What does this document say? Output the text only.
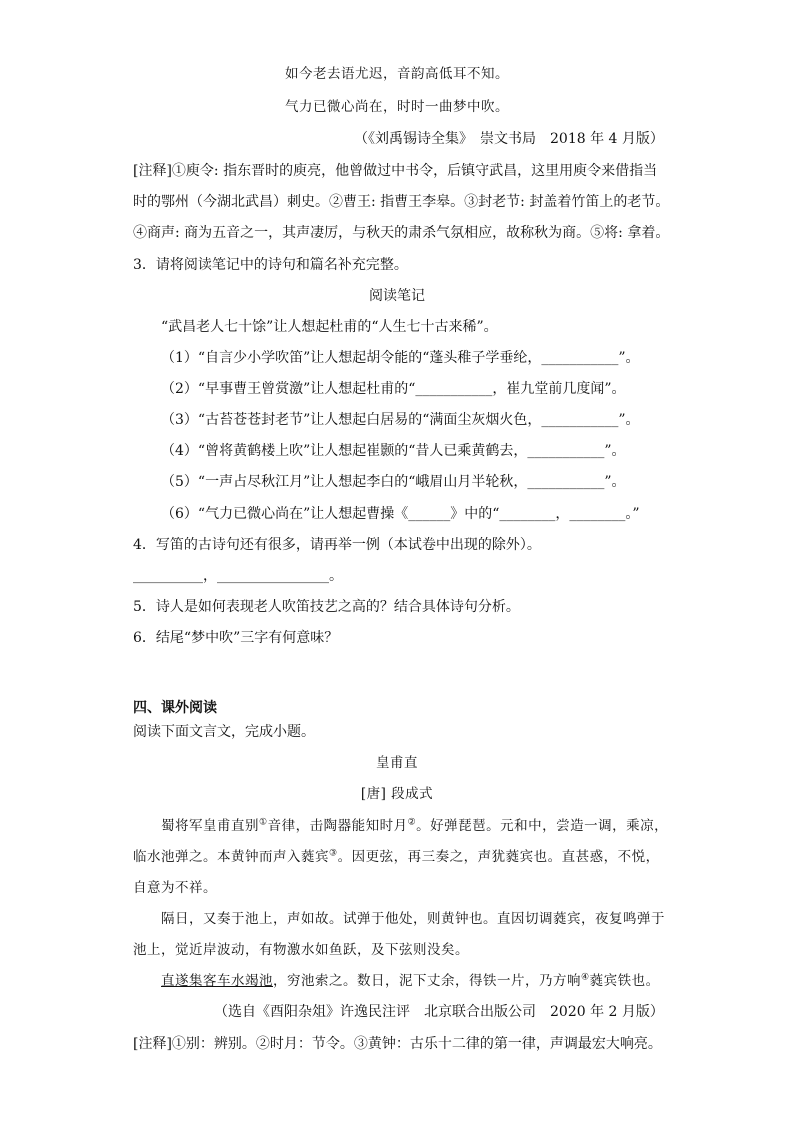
如今老去语尤迟，音韵高低耳不知。
气力已微心尚在，时时一曲梦中吹。
（《刘禹锡诗全集》　崇文书局　2018 年 4 月版）
[注释]①庾令: 指东晋时的庾亮，他曾做过中书令，后镇守武昌，这里用庾令来借指当
时的鄂州（今湖北武昌）刺史。②曹王: 指曹王李皋。③封老节: 封盖着竹笛上的老节。
④商声: 商为五音之一，其声凄厉，与秋天的肃杀气氛相应，故称秋为商。⑤将: 拿着。
3．请将阅读笔记中的诗句和篇名补充完整。
阅读笔记
“武昌老人七十馀”让人想起杜甫的“人生七十古来稀”。
（1）“自言少小学吹笛”让人想起胡令能的“蓬头稚子学垂纶，___________”。
（2）“早事曹王曾赏激”让人想起杜甫的“___________，崔九堂前几度闻”。
（3）“古苔苍苍封老节”让人想起白居易的“满面尘灰烟火色，___________”。
（4）“曾将黄鹤楼上吹”让人想起崔颢的“昔人已乘黄鹤去，___________”。
（5）“一声占尽秋江月”让人想起李白的“峨眉山月半轮秋，___________”。
（6）“气力已微心尚在”让人想起曹操《______》中的“________，________。”
4．写笛的古诗句还有很多，请再举一例（本试卷中出现的除外）。
__________，________________。
5．诗人是如何表现老人吹笛技艺之高的？结合具体诗句分析。
6．结尾“梦中吹”三字有何意味？
四、课外阅读
阅读下面文言文，完成小题。
皇甫直
[唐] 段成式
蜀将军皇甫直别①音律，击陶器能知时月②。好弹琵琶。元和中，尝造一调，乘凉，
临水池弹之。本黄钟而声入蕤宾③。因更弦，再三奏之，声犹蕤宾也。直甚惑，不悦，
自意为不祥。
隔日，又奏于池上，声如故。试弹于他处，则黄钟也。直因切调蕤宾，夜复鸣弹于
池上，觉近岸波动，有物激水如鱼跃，及下弦则没矣。
直遂集客车水竭池，穷池索之。数日，泥下丈余，得铁一片，乃方响④蕤宾铁也。
（选自《酉阳杂俎》许逸民注评　北京联合出版公司　2020 年 2 月版）
[注释]①别：辨别。②时月：节令。③黄钟：古乐十二律的第一律，声调最宏大响亮。
